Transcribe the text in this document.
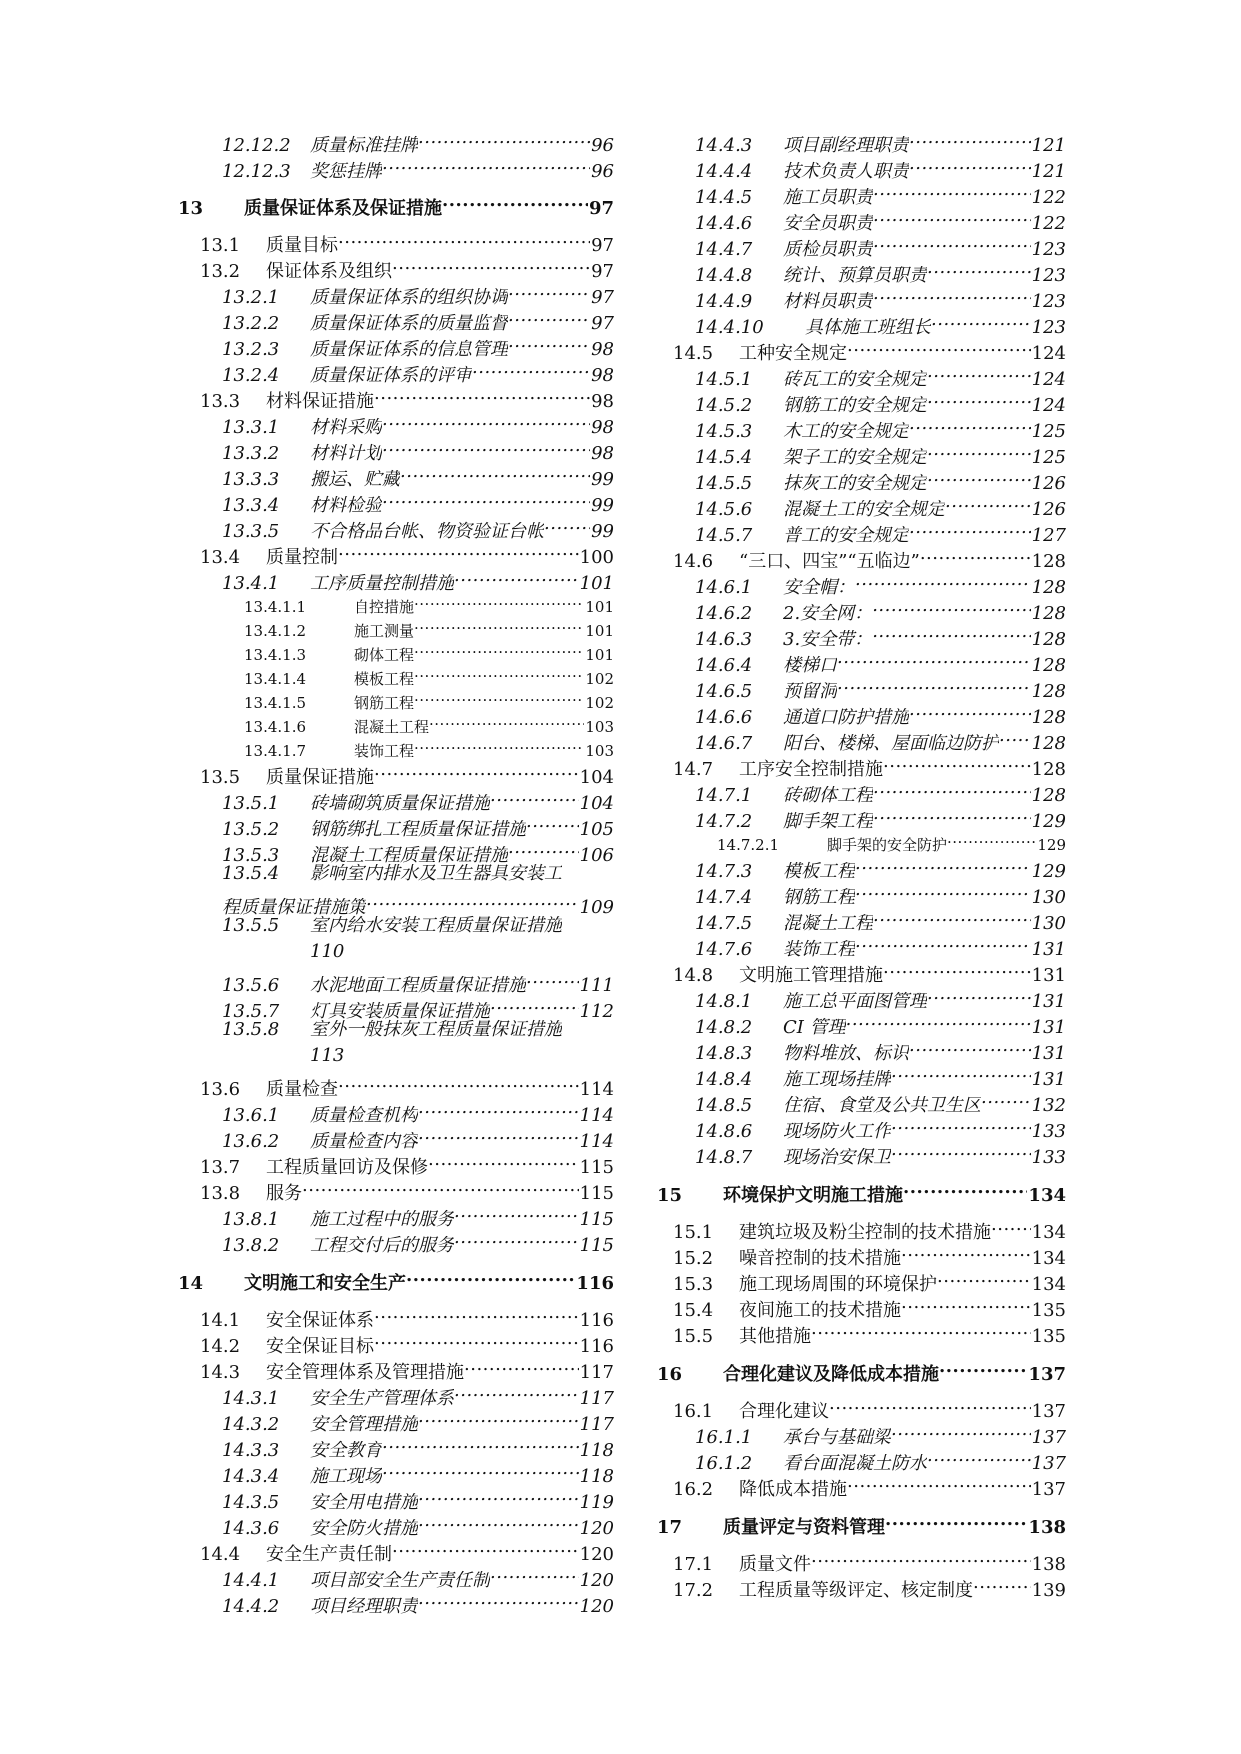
12.12.2	质量标准挂牌 .....	96
12.12.3	奖惩挂牌 .....	96
13	质量保证体系及保证措施 .....	97
13.1	质量目标 .....	97
13.2	保证体系及组织 .....	97
13.2.1	质量保证体系的组织协调 .....	97
13.2.2	质量保证体系的质量监督 .....	97
13.2.3	质量保证体系的信息管理 .....	98
13.2.4	质量保证体系的评审 .....	98
13.3	材料保证措施 .....	98
13.3.1	材料采购 .....	98
13.3.2	材料计划 .....	98
13.3.3	搬运、贮藏 .....	99
13.3.4	材料检验 .....	99
13.3.5	不合格品台帐、物资验证台帐 .....	99
13.4	质量控制 .....	100
13.4.1	工序质量控制措施 .....	101
13.4.1.1	自控措施 .....	101
13.4.1.2	施工测量 .....	101
13.4.1.3	砌体工程 .....	101
13.4.1.4	模板工程 .....	102
13.4.1.5	钢筋工程 .....	102
13.4.1.6	混凝土工程 .....	103
13.4.1.7	装饰工程 .....	103
13.5	质量保证措施 .....	104
13.5.1	砖墙砌筑质量保证措施 .....	104
13.5.2	钢筋绑扎工程质量保证措施 .....	105
13.5.3	混凝土工程质量保证措施 .....	106
13.5.4	影响室内排水及卫生器具安装工
程质量保证措施策 .....	109
13.5.5	室内给水安装工程质量保证措施
110
13.5.6	水泥地面工程质量保证措施 .....	111
13.5.7	灯具安装质量保证措施 .....	112
13.5.8	室外一般抹灰工程质量保证措施
113
13.6	质量检查 .....	114
13.6.1	质量检查机构 .....	114
13.6.2	质量检查内容 .....	114
13.7	工程质量回访及保修 .....	115
13.8	服务 .....	115
13.8.1	施工过程中的服务 .....	115
13.8.2	工程交付后的服务 .....	115
14	文明施工和安全生产 .....	116
14.1	安全保证体系 .....	116
14.2	安全保证目标 .....	116
14.3	安全管理体系及管理措施 .....	117
14.3.1	安全生产管理体系 .....	117
14.3.2	安全管理措施 .....	117
14.3.3	安全教育 .....	118
14.3.4	施工现场 .....	118
14.3.5	安全用电措施 .....	119
14.3.6	安全防火措施 .....	120
14.4	安全生产责任制 .....	120
14.4.1	项目部安全生产责任制 .....	120
14.4.2	项目经理职责 .....	120
14.4.3	项目副经理职责 .....	121
14.4.4	技术负责人职责 .....	121
14.4.5	施工员职责 .....	122
14.4.6	安全员职责 .....	122
14.4.7	质检员职责 .....	123
14.4.8	统计、预算员职责 .....	123
14.4.9	材料员职责 .....	123
14.4.10	具体施工班组长 .....	123
14.5	工种安全规定 .....	124
14.5.1	砖瓦工的安全规定 .....	124
14.5.2	钢筋工的安全规定 .....	124
14.5.3	木工的安全规定 .....	125
14.5.4	架子工的安全规定 .....	125
14.5.5	抹灰工的安全规定 .....	126
14.5.6	混凝土工的安全规定 .....	126
14.5.7	普工的安全规定 .....	127
14.6	“三口、四宝”“五临边” .....	128
14.6.1	安全帽： .....	128
14.6.2	2.安全网： .....	128
14.6.3	3.安全带： .....	128
14.6.4	楼梯口 .....	128
14.6.5	预留洞 .....	128
14.6.6	通道口防护措施 .....	128
14.6.7	阳台、楼梯、屋面临边防护 ..... 128
14.7	工序安全控制措施 .....	128
14.7.1	砖砌体工程 .....	128
14.7.2	脚手架工程 .....	129
14.7.2.1	脚手架的安全防护 .....	129
14.7.3	模板工程 .....	129
14.7.4	钢筋工程 .....	130
14.7.5	混凝土工程 .....	130
14.7.6	装饰工程 .....	131
14.8	文明施工管理措施 .....	131
14.8.1	施工总平面图管理 .....	131
14.8.2	CI 管理 .....	131
14.8.3	物料堆放、标识 .....	131
14.8.4	施工现场挂牌 .....	131
14.8.5	住宿、食堂及公共卫生区 .....	132
14.8.6	现场防火工作 .....	133
14.8.7	现场治安保卫 .....	133
15	环境保护文明施工措施 .....	134
15.1	建筑垃圾及粉尘控制的技术措施 ..... 134
15.2	噪音控制的技术措施 .....	134
15.3	施工现场周围的环境保护 .....	134
15.4	夜间施工的技术措施 .....	135
15.5	其他措施 .....	135
16	合理化建议及降低成本措施 .....	137
16.1	合理化建议 .....	137
16.1.1	承台与基础梁 .....	137
16.1.2	看台面混凝土防水 .....	137
16.2	降低成本措施 .....	137
17	质量评定与资料管理 .....	138
17.1	质量文件 .....	138
17.2	工程质量等级评定、核定制度 .....	139
